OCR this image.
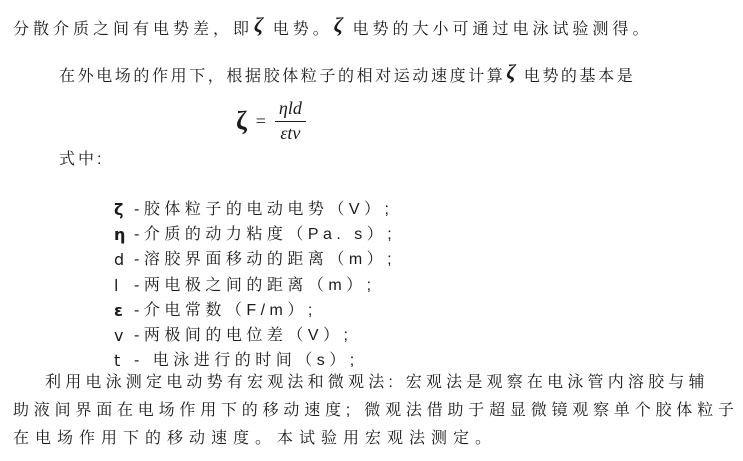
分散介质之间有电势差，即ζ 电势。ζ 电势的大小可通过电泳试验测得。
在外电场的作用下，根据胶体粒子的相对运动速度计算ζ 电势的基本是
$\zeta = \frac{\text{ηld}}{\text{εtv}}$
式中:
ζ -胶体粒子的电动电势（V）;
η -介质的动力粘度（Pa. s）;
d -溶胶界面移动的距离（m）;
l -两电极之间的距离（m）;
ε -介电常数（F/m）;
v -两极间的电位差（V）;
t - 电泳进行的时间（s）;
利用电泳测定电动势有宏观法和微观法: 宏观法是观察在电泳管内溶胶与辅
助液间界面在电场作用下的移动速度; 微观法借助于超显微镜观察单个胶体粒子
在电场作用下的移动速度。本试验用宏观法测定。
